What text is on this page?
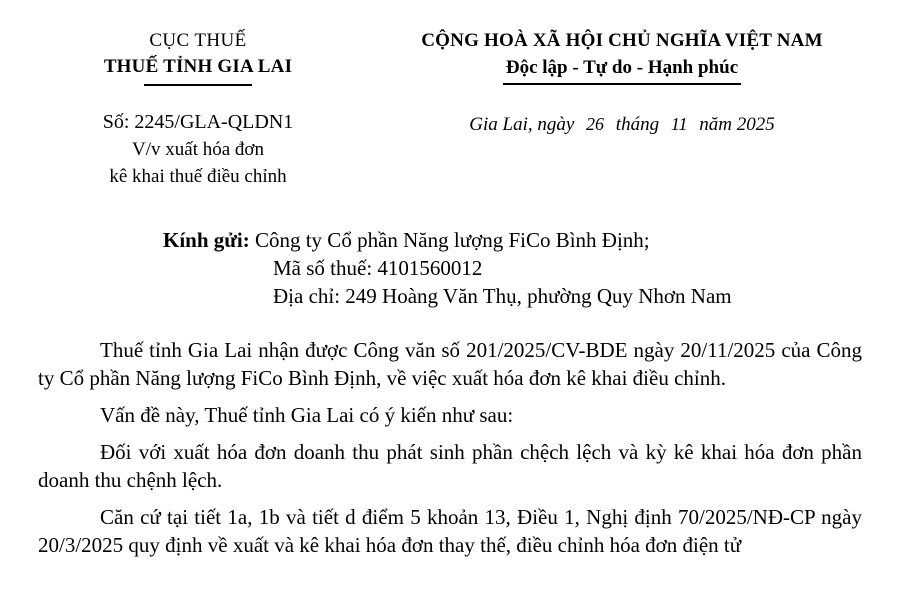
CỤC THUẾ
THUẾ TỈNH GIA LAI
Số: 2245/GLA-QLDN1
V/v xuất hóa đơn
kê khai thuế điều chỉnh
CỘNG HOÀ XÃ HỘI CHỦ NGHĨA VIỆT NAM
Độc lập - Tự do - Hạnh phúc
Gia Lai, ngày 26 tháng 11 năm 2025
Kính gửi: Công ty Cổ phần Năng lượng FiCo Bình Định;
Mã số thuế: 4101560012
Địa chỉ: 249 Hoàng Văn Thụ, phường Quy Nhơn Nam

Thuế tỉnh Gia Lai nhận được Công văn số 201/2025/CV-BDE ngày 20/11/2025 của Công ty Cổ phần Năng lượng FiCo Bình Định, về việc xuất hóa đơn kê khai điều chỉnh.

Vấn đề này, Thuế tỉnh Gia Lai có ý kiến như sau:

Đối với xuất hóa đơn doanh thu phát sinh phần chệch lệch và kỳ kê khai hóa đơn phần doanh thu chệnh lệch.

Căn cứ tại tiết 1a, 1b và tiết d điểm 5 khoản 13, Điều 1, Nghị định 70/2025/NĐ-CP ngày 20/3/2025 quy định về xuất và kê khai hóa đơn thay thế, điều chỉnh hóa đơn điện tử
